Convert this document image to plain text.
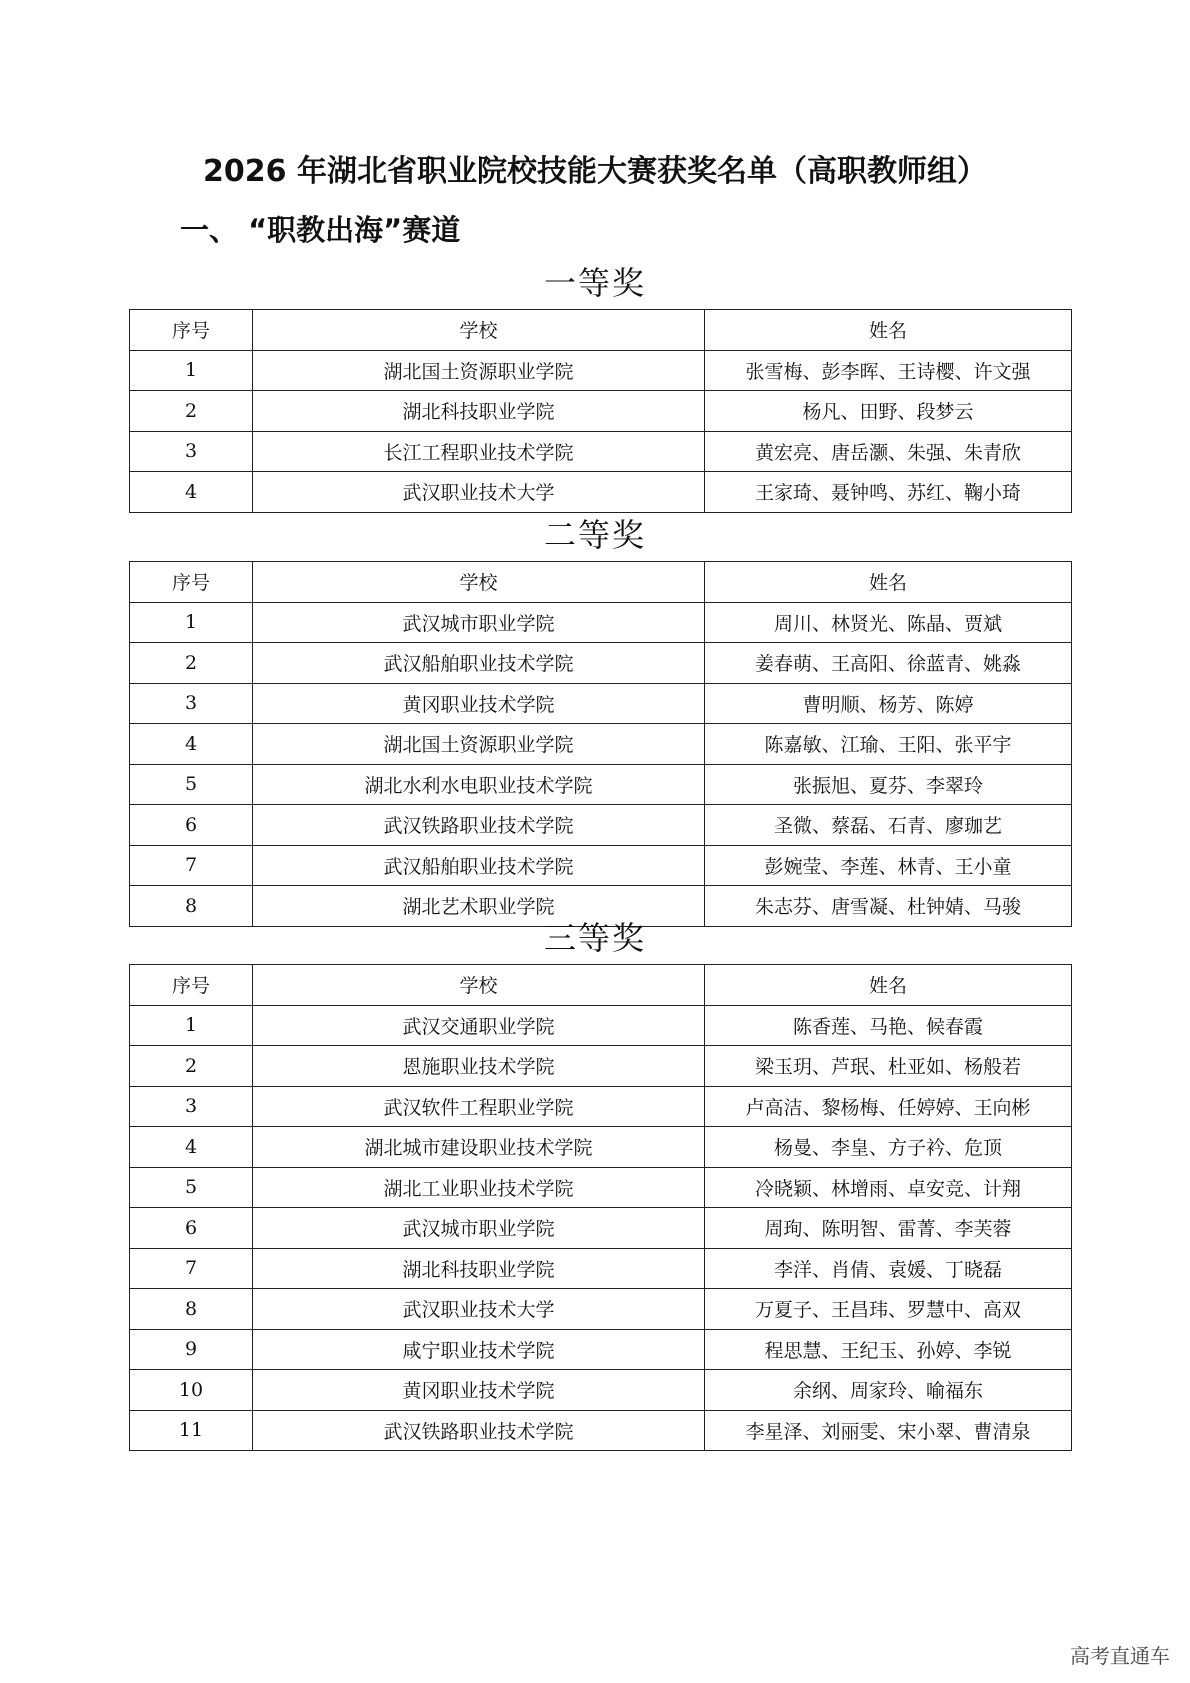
2026 年湖北省职业院校技能大赛获奖名单（高职教师组）
一、 “职教出海”赛道
一等奖
序号	学校	姓名
1	湖北国土资源职业学院	张雪梅、彭李晖、王诗樱、许文强
2	湖北科技职业学院	杨凡、田野、段梦云
3	长江工程职业技术学院	黄宏亮、唐岳灏、朱强、朱青欣
4	武汉职业技术大学	王家琦、聂钟鸣、苏红、鞠小琦
二等奖
序号	学校	姓名
1	武汉城市职业学院	周川、林贤光、陈晶、贾斌
2	武汉船舶职业技术学院	姜春萌、王高阳、徐蓝青、姚淼
3	黄冈职业技术学院	曹明顺、杨芳、陈婷
4	湖北国土资源职业学院	陈嘉敏、江瑜、王阳、张平宇
5	湖北水利水电职业技术学院	张振旭、夏芬、李翠玲
6	武汉铁路职业技术学院	圣微、蔡磊、石青、廖珈艺
7	武汉船舶职业技术学院	彭婉莹、李莲、林青、王小童
8	湖北艺术职业学院	朱志芬、唐雪凝、杜钟婧、马骏
三等奖
序号	学校	姓名
1	武汉交通职业学院	陈香莲、马艳、候春霞
2	恩施职业技术学院	梁玉玥、芦珉、杜亚如、杨般若
3	武汉软件工程职业学院	卢高洁、黎杨梅、任婷婷、王向彬
4	湖北城市建设职业技术学院	杨曼、李皇、方子衿、危顶
5	湖北工业职业技术学院	冷晓颖、林增雨、卓安竞、计翔
6	武汉城市职业学院	周珣、陈明智、雷菁、李芙蓉
7	湖北科技职业学院	李洋、肖倩、袁媛、丁晓磊
8	武汉职业技术大学	万夏子、王昌玮、罗慧中、高双
9	咸宁职业技术学院	程思慧、王纪玉、孙婷、李锐
10	黄冈职业技术学院	余纲、周家玲、喻福东
11	武汉铁路职业技术学院	李星泽、刘丽雯、宋小翠、曹清泉
高考直通车
